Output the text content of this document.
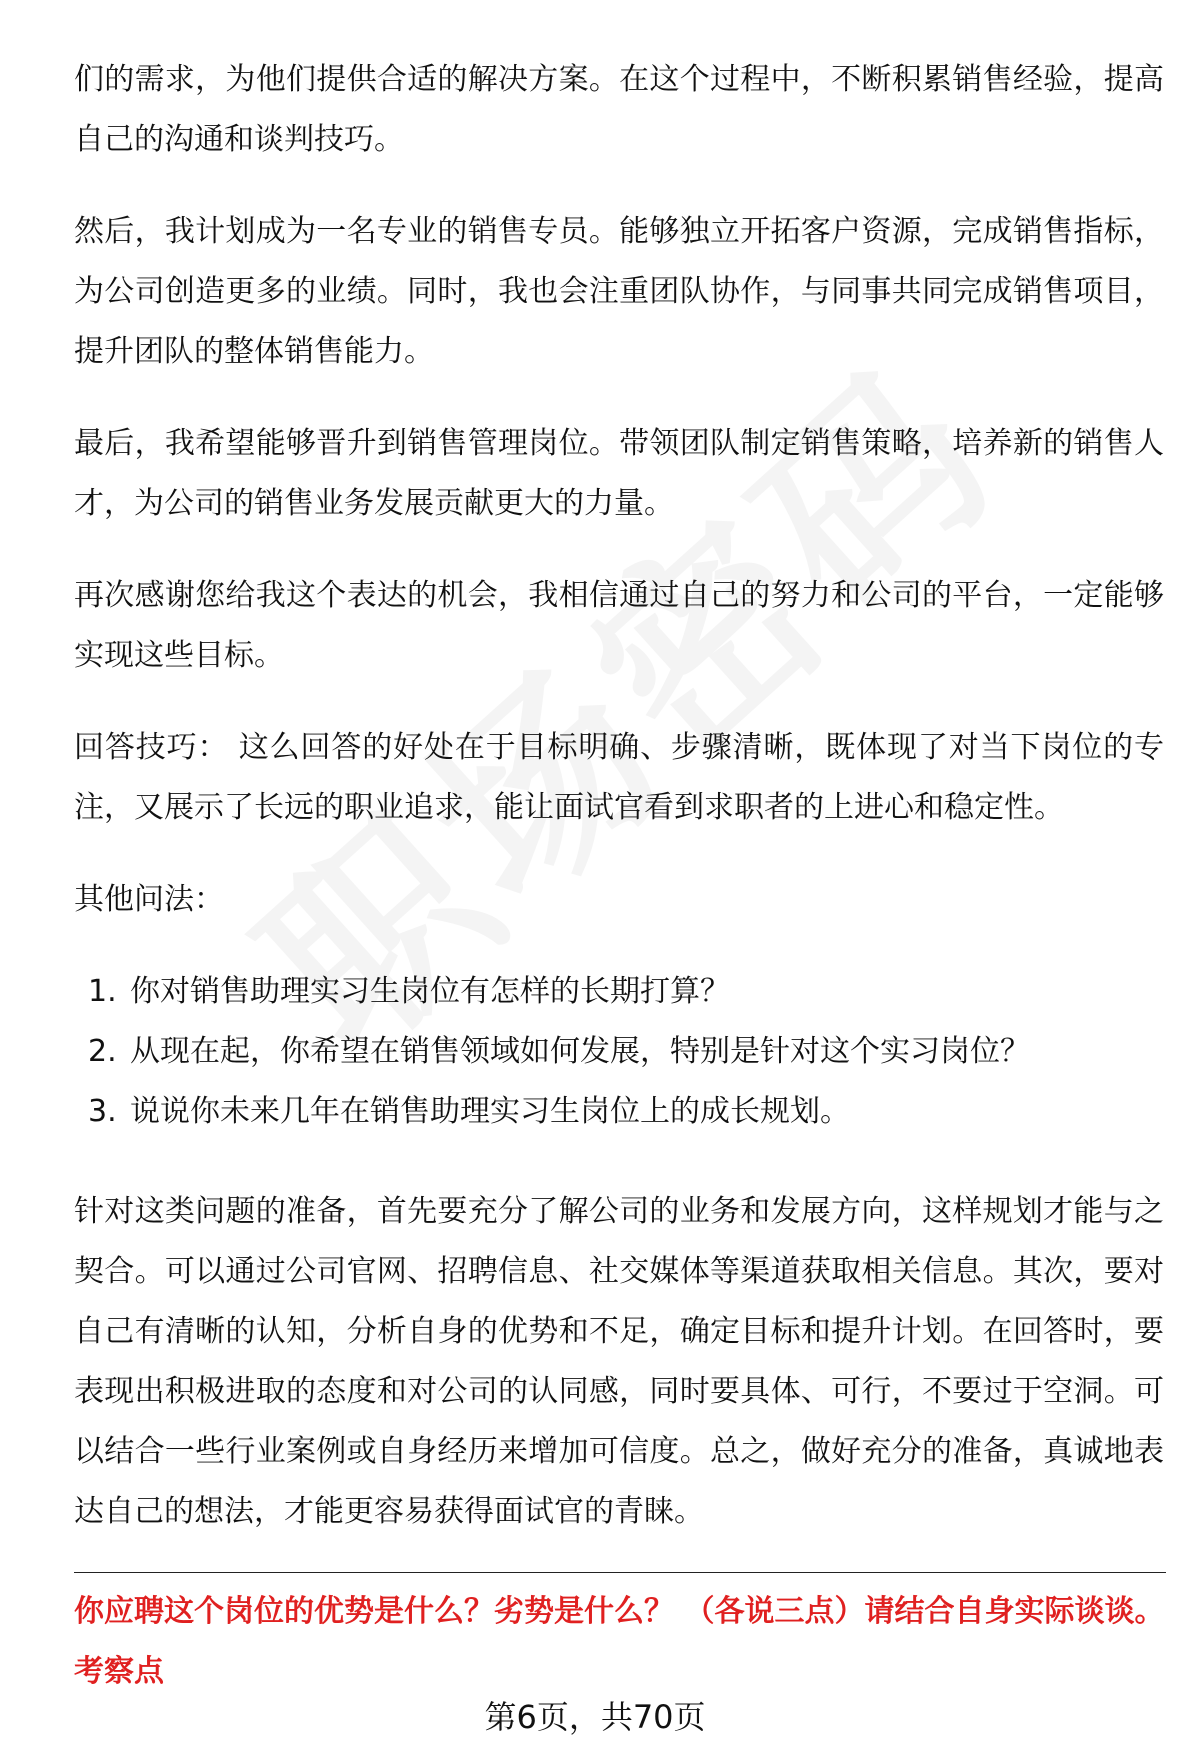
们的需求，为他们提供合适的解决方案。在这个过程中，不断积累销售经验，提高自己的沟通和谈判技巧。

然后，我计划成为一名专业的销售专员。能够独立开拓客户资源，完成销售指标，为公司创造更多的业绩。同时，我也会注重团队协作，与同事共同完成销售项目，提升团队的整体销售能力。

最后，我希望能够晋升到销售管理岗位。带领团队制定销售策略，培养新的销售人才，为公司的销售业务发展贡献更大的力量。

再次感谢您给我这个表达的机会，我相信通过自己的努力和公司的平台，一定能够实现这些目标。

回答技巧： 这么回答的好处在于目标明确、步骤清晰，既体现了对当下岗位的专注，又展示了长远的职业追求，能让面试官看到求职者的上进心和稳定性。

其他问法：

1. 你对销售助理实习生岗位有怎样的长期打算？
2. 从现在起，你希望在销售领域如何发展，特别是针对这个实习岗位？
3. 说说你未来几年在销售助理实习生岗位上的成长规划。

针对这类问题的准备，首先要充分了解公司的业务和发展方向，这样规划才能与之契合。可以通过公司官网、招聘信息、社交媒体等渠道获取相关信息。其次，要对自己有清晰的认知，分析自身的优势和不足，确定目标和提升计划。在回答时，要表现出积极进取的态度和对公司的认同感，同时要具体、可行，不要过于空洞。可以结合一些行业案例或自身经历来增加可信度。总之，做好充分的准备，真诚地表达自己的想法，才能更容易获得面试官的青睐。

你应聘这个岗位的优势是什么？劣势是什么？ （各说三点）请结合自身实际谈谈。
考察点
第6页，共70页
